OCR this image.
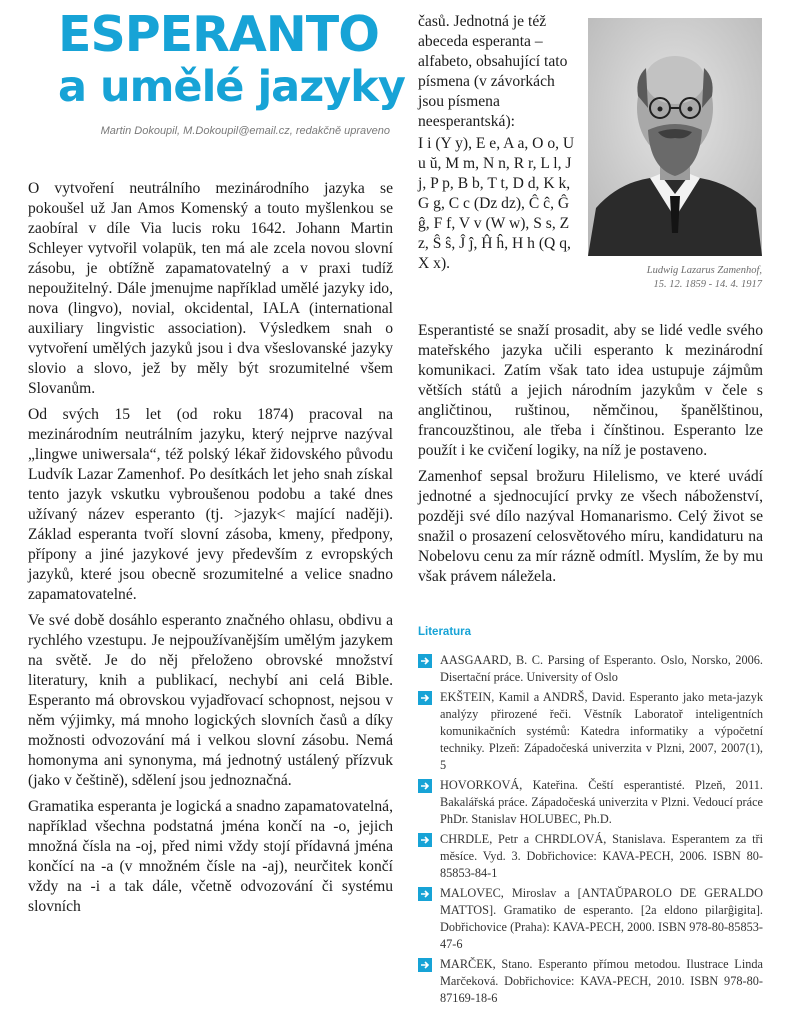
ESPERANTO
a umělé jazyky
Martin Dokoupil, M.Dokoupil@email.cz, redakčně upraveno

O vytvoření neutrálního mezinárodního jazyka se pokoušel už Jan Amos Komenský a touto myšlenkou se zaobíral v díle Via lucis roku 1642. Johann Martin Schleyer vytvořil volapük, ten má ale zcela novou slovní zásobu, je obtížně zapamatovatelný a v praxi tudíž nepoužitelný. Dále jmenujme například umělé jazyky ido, nova (lingvo), novial, okcidental, IALA (international auxiliary lingvistic association). Výsledkem snah o vytvoření umělých jazyků jsou i dva všeslovanské jazyky slovio a slovo, jež by měly být srozumitelné všem Slovanům.

Od svých 15 let (od roku 1874) pracoval na mezinárodním neutrálním jazyku, který nejprve nazýval „lingwe uniwersala“, též polský lékař židovského původu Ludvík Lazar Zamenhof. Po desítkách let jeho snah získal tento jazyk vskutku vybroušenou podobu a také dnes užívaný název esperanto (tj. >jazyk< mající naději). Základ esperanta tvoří slovní zásoba, kmeny, předpony, přípony a jiné jazykové jevy především z evropských jazyků, které jsou obecně srozumitelné a velice snadno zapamatovatelné.

Ve své době dosáhlo esperanto značného ohlasu, obdivu a rychlého vzestupu. Je nejpoužívanějším umělým jazykem na světě. Je do něj přeloženo obrovské množství literatury, knih a publikací, nechybí ani celá Bible. Esperanto má obrovskou vyjadřovací schopnost, nejsou v něm výjimky, má mnoho logických slovních časů a díky možnosti odvozování má i velkou slovní zásobu. Nemá homonyma ani synonyma, má jednotný ustálený přízvuk (jako v češtině), sdělení jsou jednoznačná.

Gramatika esperanta je logická a snadno zapamatovatelná, například všechna podstatná jména končí na -o, jejich množná čísla na -oj, před nimi vždy stojí přídavná jména končící na -a (v množném čísle na -aj), neurčitek končí vždy na -i a tak dále, včetně odvozování či systému slovních

časů. Jednotná je též abeceda esperanta – alfabeto, obsahující tato písmena (v závorkách jsou písmena neesperantská):

I i (Y y), E e, A a, O o, U u ŭ, M m, N n, R r, L l, J j, P p, B b, T t, D d, K k, G g, C c (Dz dz), Ĉ ĉ, Ĝ ĝ, F f, V v (W w), S s, Z z, Ŝ ŝ, Ĵ ĵ, Ĥ ĥ, H h (Q q, X x).	Ludwig Lazarus Zamenhof,
15. 12. 1859 - 14. 4. 1917

Esperantisté se snaží prosadit, aby se lidé vedle svého mateřského jazyka učili esperanto k mezinárodní komunikaci. Zatím však tato idea ustupuje zájmům větších států a jejich národním jazykům v čele s angličtinou, ruštinou, němčinou, španělštinou, francouzštinou, ale třeba i čínštinou. Esperanto lze použít i ke cvičení logiky, na níž je postaveno.

Zamenhof sepsal brožuru Hilelismo, ve které uvádí jednotné a sjednocující prvky ze všech náboženství, později své dílo nazýval Homanarismo. Celý život se snažil o prosazení celosvětového míru, kandidaturu na Nobelovu cenu za mír rázně odmítl. Myslím, že by mu však právem náležela.

Literatura
AASGAARD, B. C. Parsing of Esperanto. Oslo, Norsko, 2006. Disertační práce. University of Oslo
EKŠTEIN, Kamil a ANDRŠ, David. Esperanto jako meta-jazyk analýzy přirozené řeči. Věstník Laboratoř inteligentních komunikačních systémů: Katedra informatiky a výpočetní techniky. Plzeň: Západočeská univerzita v Plzni, 2007, 2007(1), 5
HOVORKOVÁ, Kateřina. Čeští esperantisté. Plzeň, 2011. Bakalářská práce. Západočeská univerzita v Plzni. Vedoucí práce PhDr. Stanislav HOLUBEC, Ph.D.
CHRDLE, Petr a CHRDLOVÁ, Stanislava. Esperantem za tři měsíce. Vyd. 3. Dobřichovice: KAVA-PECH, 2006. ISBN 80-85853-84-1
MALOVEC, Miroslav a [ANTAŬPAROLO DE GERALDO MATTOS]. Gramatiko de esperanto. [2a eldono pilarĝigita]. Dobřichovice (Praha): KAVA-PECH, 2000. ISBN 978-80-85853-47-6
MARČEK, Stano. Esperanto přímou metodou. Ilustrace Linda Marčeková. Dobřichovice: KAVA-PECH, 2010. ISBN 978-80-87169-18-6
